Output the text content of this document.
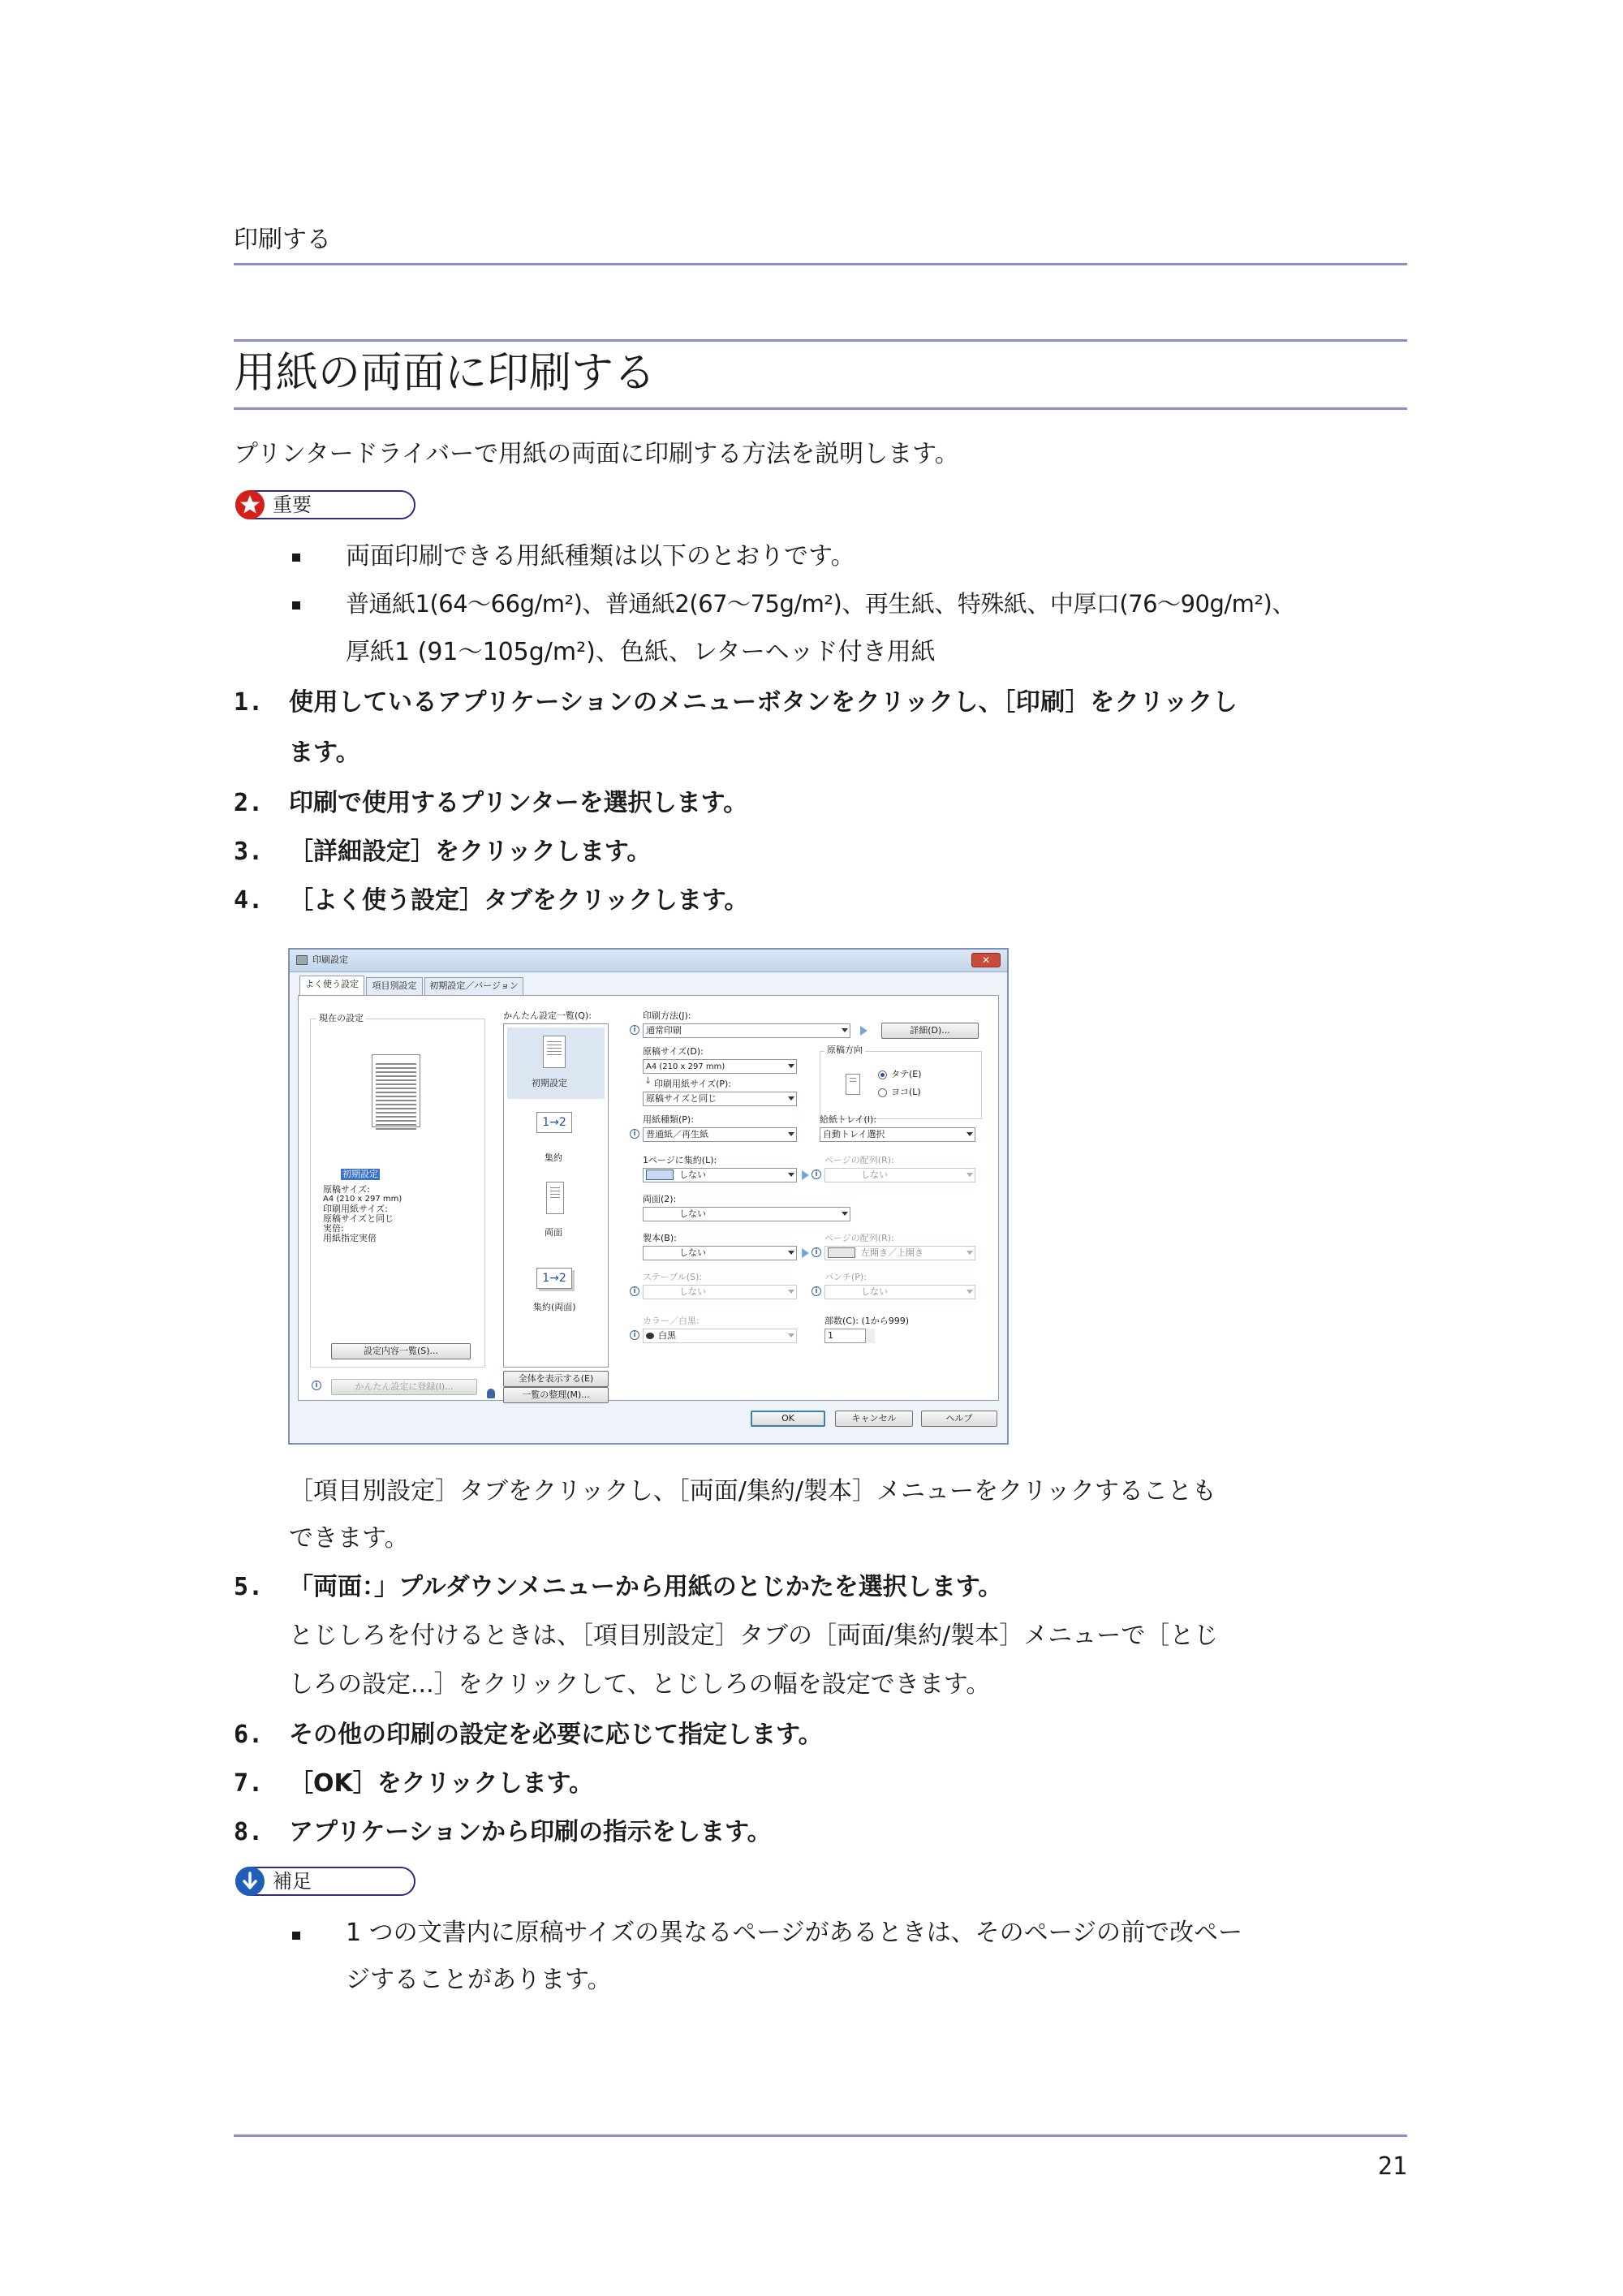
印刷する
用紙の両面に印刷する
プリンタードライバーで用紙の両面に印刷する方法を説明します。
重要
両面印刷できる用紙種類は以下のとおりです。
普通紙1(64～66g/m²)、普通紙2(67～75g/m²)、再生紙、特殊紙、中厚口(76～90g/m²)、
厚紙1 (91～105g/m²)、色紙、レターヘッド付き用紙
1. 使用しているアプリケーションのメニューボタンをクリックし、［印刷］をクリックし
ます。
2. 印刷で使用するプリンターを選択します。
3. ［詳細設定］をクリックします。
4. ［よく使う設定］タブをクリックします。
印刷設定	✕
よく使う設定	項目別設定	初期設定／バージョン
現在の設定
初期設定
原稿サイズ:
A4 (210 x 297 mm)
印刷用紙サイズ:
原稿サイズと同じ
実倍:
用紙指定実倍
設定内容一覧(S)...
i	かんたん設定に登録(I)...
かんたん設定一覧(Q):
初期設定
1→2
集約
両面
1→2
集約(両面)
全体を表示する(E)
一覧の整理(M)...
印刷方法(J):
i	通常印刷	詳細(D)...
原稿サイズ(D):
A4 (210 x 297 mm)
↓ 印刷用紙サイズ(P):
原稿サイズと同じ
原稿方向
タテ(E)
ヨコ(L)
用紙種類(P):
普通紙／再生紙
i
給紙トレイ(I):
自動トレイ選択
1ページに集約(L):
しない	i
ページの配列(R):
しない
両面(2):
しない
製本(B):
しない	i
ページの配列(R):
左開き／上開き
ステープル(S):
i	しない
パンチ(P):
i	しない
カラー／白黒:
i	白黒
部数(C): (1から999)
1
OK	キャンセル	ヘルプ
［項目別設定］タブをクリックし、［両面/集約/製本］メニューをクリックすることも
できます。
5. 「両面：」プルダウンメニューから用紙のとじかたを選択します。
とじしろを付けるときは、［項目別設定］タブの［両面/集約/製本］メニューで［とじ
しろの設定...］をクリックして、とじしろの幅を設定できます。
6. その他の印刷の設定を必要に応じて指定します。
7. ［OK］をクリックします。
8. アプリケーションから印刷の指示をします。
補足
1 つの文書内に原稿サイズの異なるページがあるときは、そのページの前で改ペー
ジすることがあります。
21
